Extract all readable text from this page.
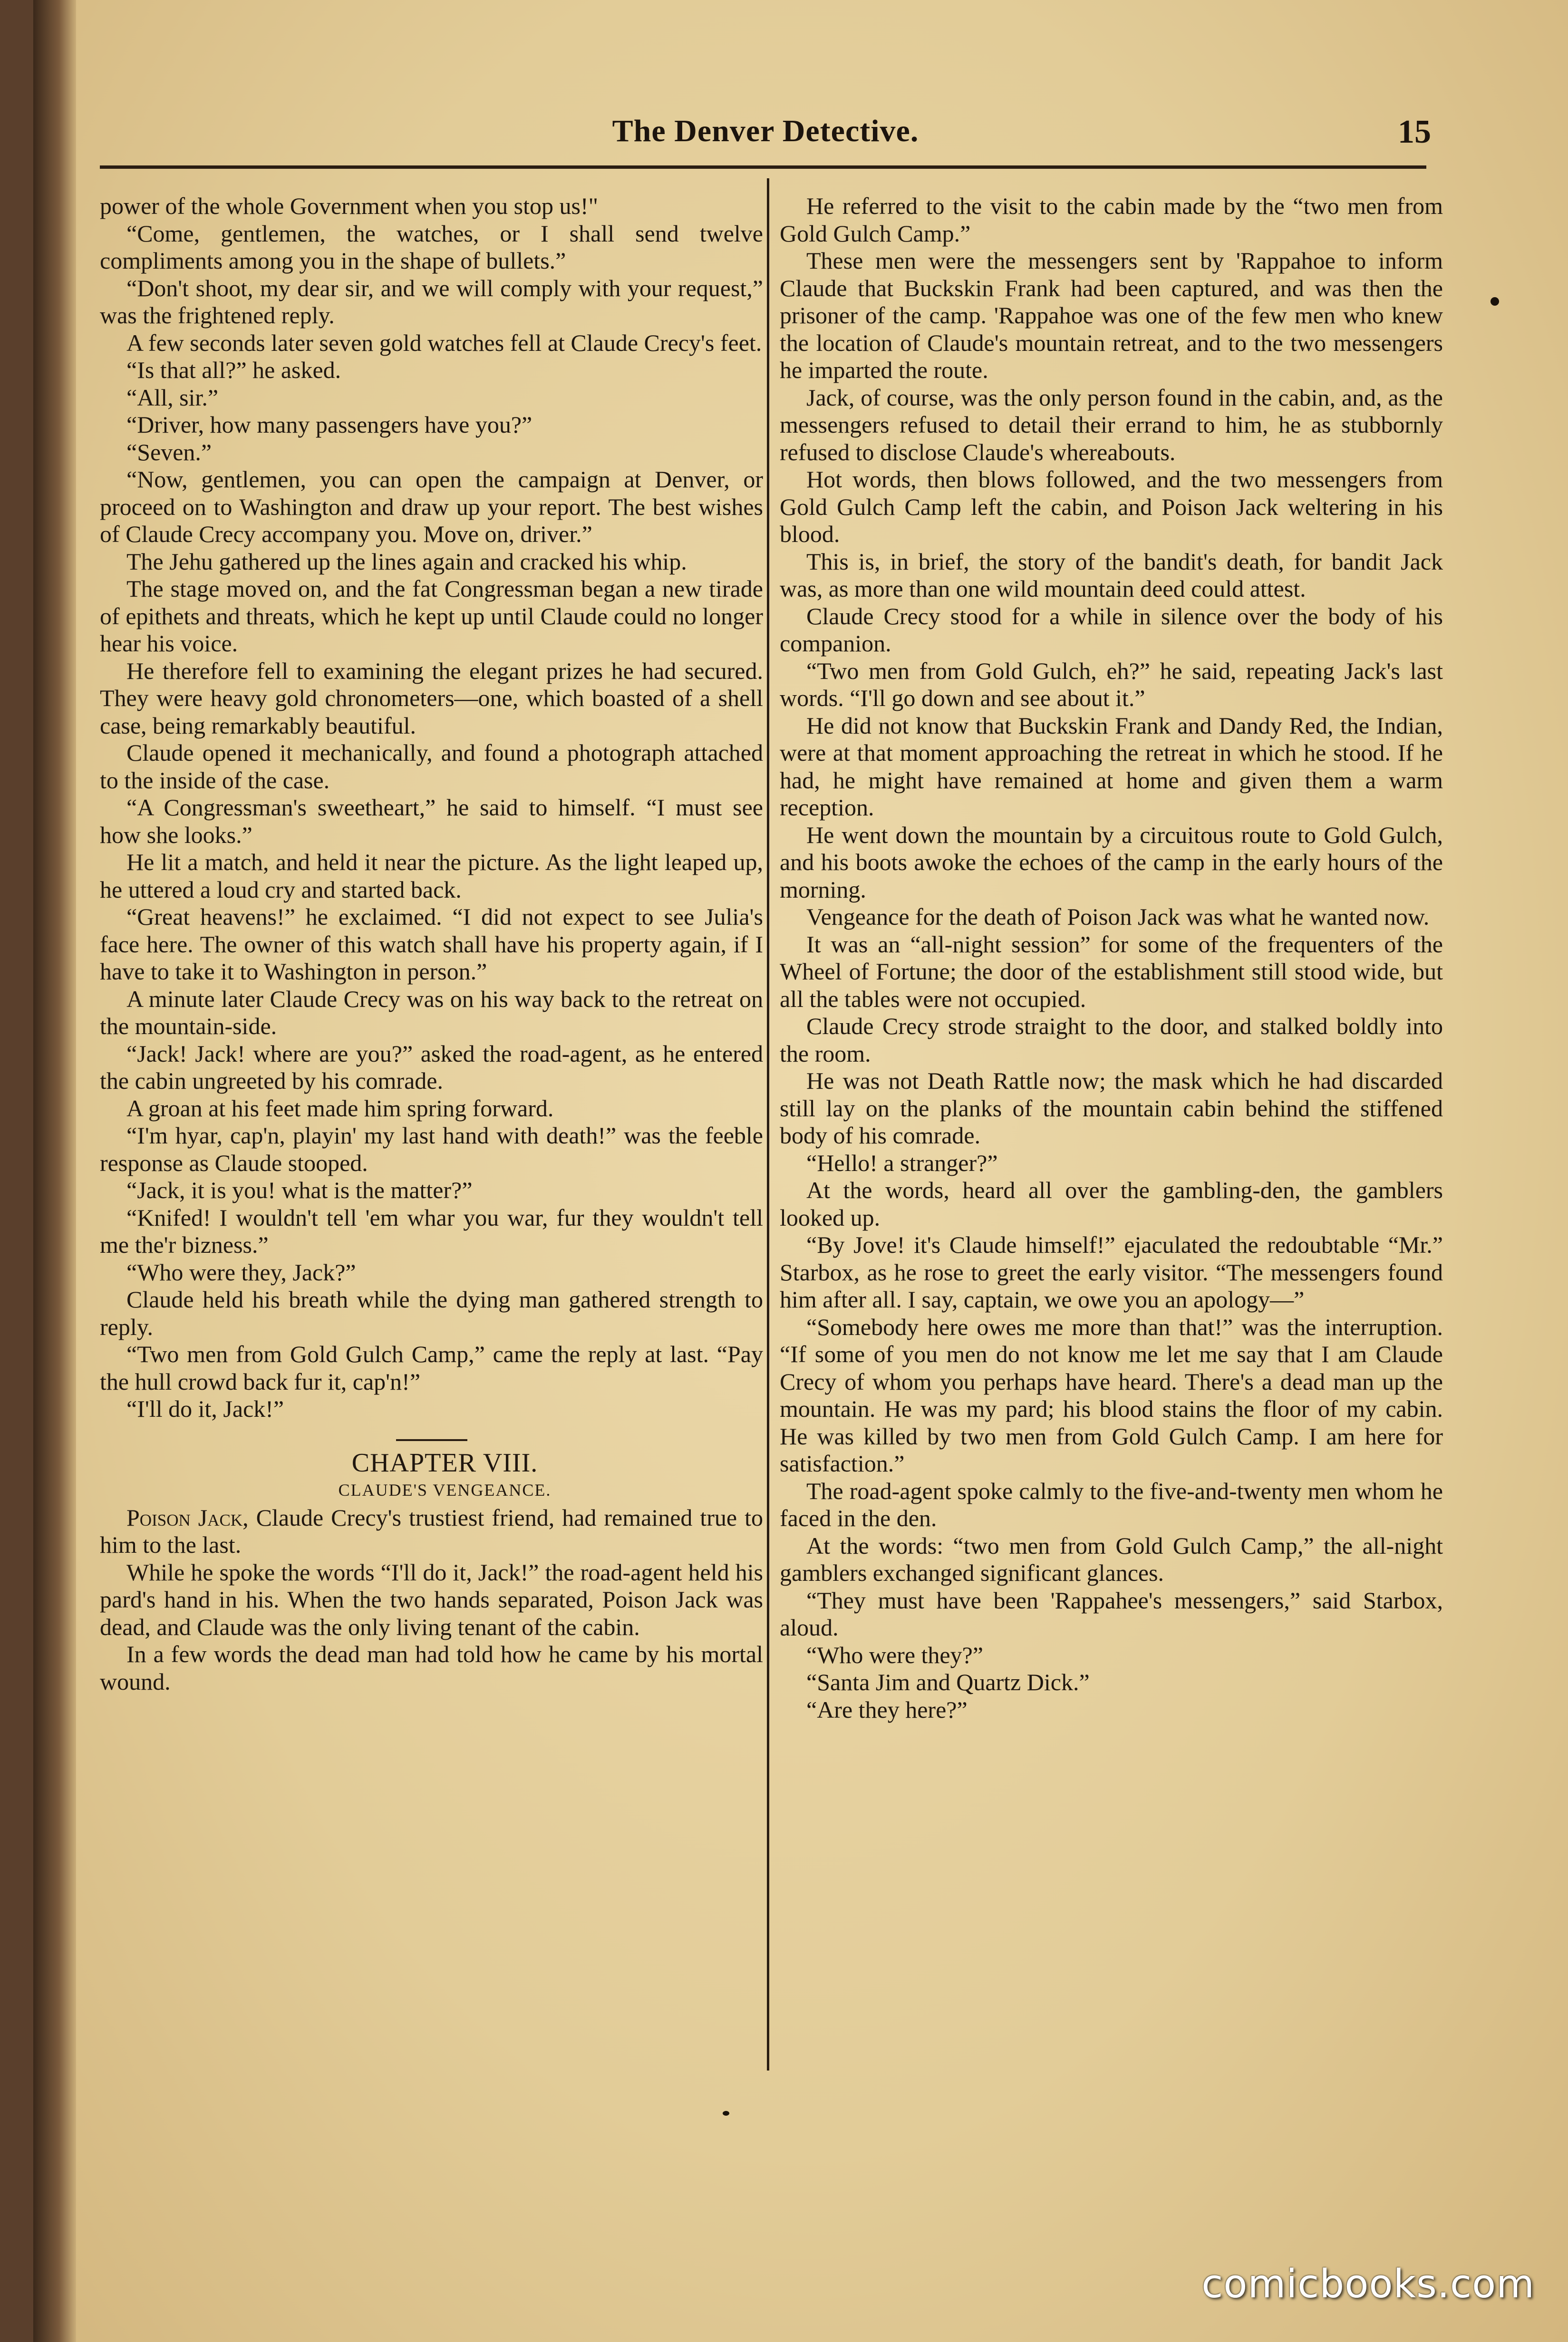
The Denver Detective.	15

power of the whole Government when you stop us!"

“Come, gentlemen, the watches, or I shall send twelve compliments among you in the shape of bullets.”

“Don't shoot, my dear sir, and we will comply with your request,” was the frightened reply.

A few seconds later seven gold watches fell at Claude Crecy's feet.

“Is that all?” he asked.

“All, sir.”

“Driver, how many passengers have you?”

“Seven.”

“Now, gentlemen, you can open the campaign at Denver, or proceed on to Washington and draw up your report. The best wishes of Claude Crecy accompany you. Move on, driver.”

The Jehu gathered up the lines again and cracked his whip.

The stage moved on, and the fat Congressman began a new tirade of epithets and threats, which he kept up until Claude could no longer hear his voice.

He therefore fell to examining the elegant prizes he had secured. They were heavy gold chronometers—one, which boasted of a shell case, being remarkably beautiful.

Claude opened it mechanically, and found a photograph attached to the inside of the case.

“A Congressman's sweetheart,” he said to himself. “I must see how she looks.”

He lit a match, and held it near the picture. As the light leaped up, he uttered a loud cry and started back.

“Great heavens!” he exclaimed. “I did not expect to see Julia's face here. The owner of this watch shall have his property again, if I have to take it to Washington in person.”

A minute later Claude Crecy was on his way back to the retreat on the mountain-side.

“Jack! Jack! where are you?” asked the road-agent, as he entered the cabin ungreeted by his comrade.

A groan at his feet made him spring forward.

“I'm hyar, cap'n, playin' my last hand with death!” was the feeble response as Claude stooped.

“Jack, it is you! what is the matter?”

“Knifed! I wouldn't tell 'em whar you war, fur they wouldn't tell me the'r bizness.”

“Who were they, Jack?”

Claude held his breath while the dying man gathered strength to reply.

“Two men from Gold Gulch Camp,” came the reply at last. “Pay the hull crowd back fur it, cap'n!”

“I'll do it, Jack!”

CHAPTER VIII.

CLAUDE'S VENGEANCE.

Poison Jack, Claude Crecy's trustiest friend, had remained true to him to the last.

While he spoke the words “I'll do it, Jack!” the road-agent held his pard's hand in his. When the two hands separated, Poison Jack was dead, and Claude was the only living tenant of the cabin.

In a few words the dead man had told how he came by his mortal wound.

He referred to the visit to the cabin made by the “two men from Gold Gulch Camp.”

These men were the messengers sent by 'Rappahoe to inform Claude that Buckskin Frank had been captured, and was then the prisoner of the camp. 'Rappahoe was one of the few men who knew the location of Claude's mountain retreat, and to the two messengers he imparted the route.

Jack, of course, was the only person found in the cabin, and, as the messengers refused to detail their errand to him, he as stubbornly refused to disclose Claude's whereabouts.

Hot words, then blows followed, and the two messengers from Gold Gulch Camp left the cabin, and Poison Jack weltering in his blood.

This is, in brief, the story of the bandit's death, for bandit Jack was, as more than one wild mountain deed could attest.

Claude Crecy stood for a while in silence over the body of his companion.

“Two men from Gold Gulch, eh?” he said, repeating Jack's last words. “I'll go down and see about it.”

He did not know that Buckskin Frank and Dandy Red, the Indian, were at that moment approaching the retreat in which he stood. If he had, he might have remained at home and given them a warm reception.

He went down the mountain by a circuitous route to Gold Gulch, and his boots awoke the echoes of the camp in the early hours of the morning.

Vengeance for the death of Poison Jack was what he wanted now.

It was an “all-night session” for some of the frequenters of the Wheel of Fortune; the door of the establishment still stood wide, but all the tables were not occupied.

Claude Crecy strode straight to the door, and stalked boldly into the room.

He was not Death Rattle now; the mask which he had discarded still lay on the planks of the mountain cabin behind the stiffened body of his comrade.

“Hello! a stranger?”

At the words, heard all over the gambling-den, the gamblers looked up.

“By Jove! it's Claude himself!” ejaculated the redoubtable “Mr.” Starbox, as he rose to greet the early visitor. “The messengers found him after all. I say, captain, we owe you an apology—”

“Somebody here owes me more than that!” was the interruption. “If some of you men do not know me let me say that I am Claude Crecy of whom you perhaps have heard. There's a dead man up the mountain. He was my pard; his blood stains the floor of my cabin. He was killed by two men from Gold Gulch Camp. I am here for satisfaction.”

The road-agent spoke calmly to the five-and-twenty men whom he faced in the den.

At the words: “two men from Gold Gulch Camp,” the all-night gamblers exchanged significant glances.

“They must have been 'Rappahee's messengers,” said Starbox, aloud.

“Who were they?”

“Santa Jim and Quartz Dick.”

“Are they here?”

comicbooks.com
